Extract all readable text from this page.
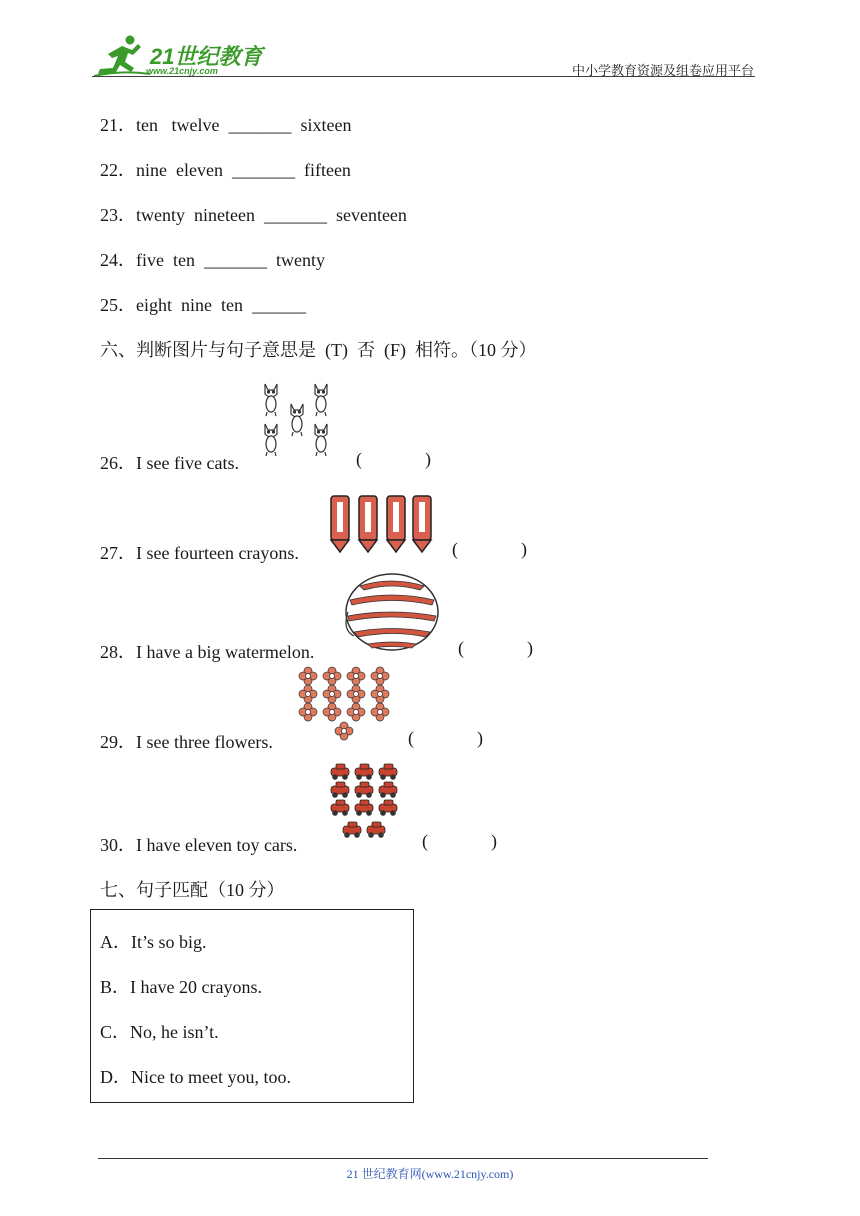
21世纪教育
www.21cnjy.com	中小学教育资源及组卷应用平台
21．ten   twelve  _______  sixteen
22．nine  eleven  _______  fifteen
23．twenty  nineteen  _______  seventeen
24．five  ten  _______  twenty
25．eight  nine  ten  ______
六、判断图片与句子意思是  (T)  否  (F)  相符。（10 分）
26．I see five cats.	(              )
27．I see fourteen crayons.	(              )
28．I have a big watermelon.	(              )
29．I see three flowers.	(              )
30．I have eleven toy cars.	(              )
七、句子匹配（10 分）
A．It’s so big.
B．I have 20 crayons.
C．No, he isn’t.
D．Nice to meet you, too.
21 世纪教育网(www.21cnjy.com)
